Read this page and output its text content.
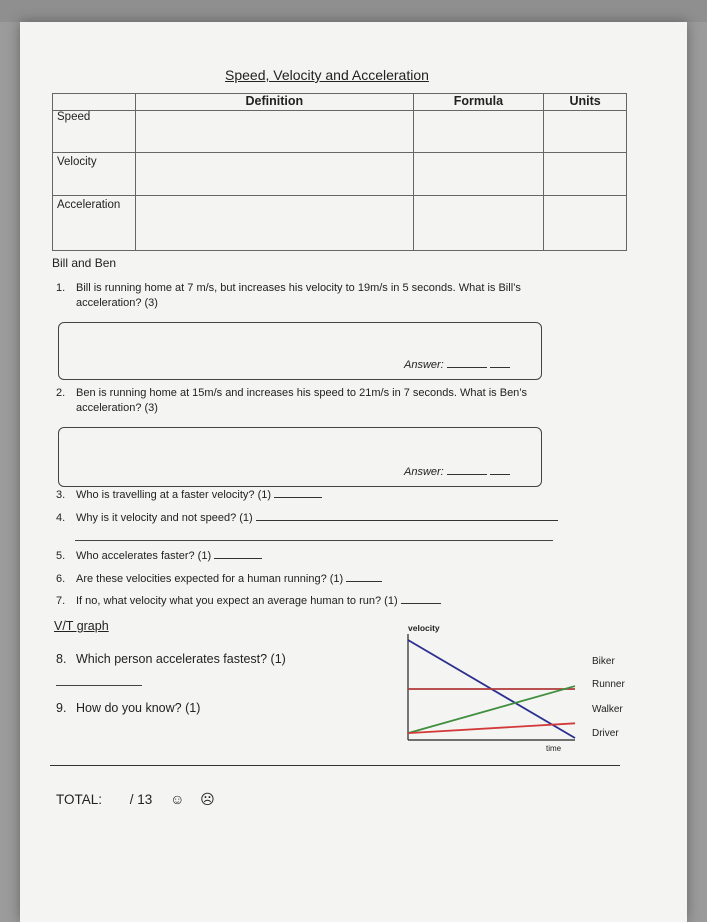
Speed, Velocity and Acceleration
	Definition	Formula	Units
Speed			
Velocity			
Acceleration			
Bill and Ben
1. Bill is running home at 7 m/s, but increases his velocity to 19m/s in 5 seconds. What is Bill’s
acceleration? (3)
Answer:
2. Ben is running home at 15m/s and increases his speed to 21m/s in 7 seconds. What is Ben’s
acceleration? (3)
Answer:
3. Who is travelling at a faster velocity? (1)
4. Why is it velocity and not speed? (1)
5. Who accelerates faster? (1)
6. Are these velocities expected for a human running? (1)
7. If no, what velocity what you expect an average human to run? (1)
V/T graph
8. Which person accelerates fastest? (1)
9. How do you know? (1)
velocity
time
Biker
Runner
Walker
Driver
TOTAL: / 13 ☺ ☹
